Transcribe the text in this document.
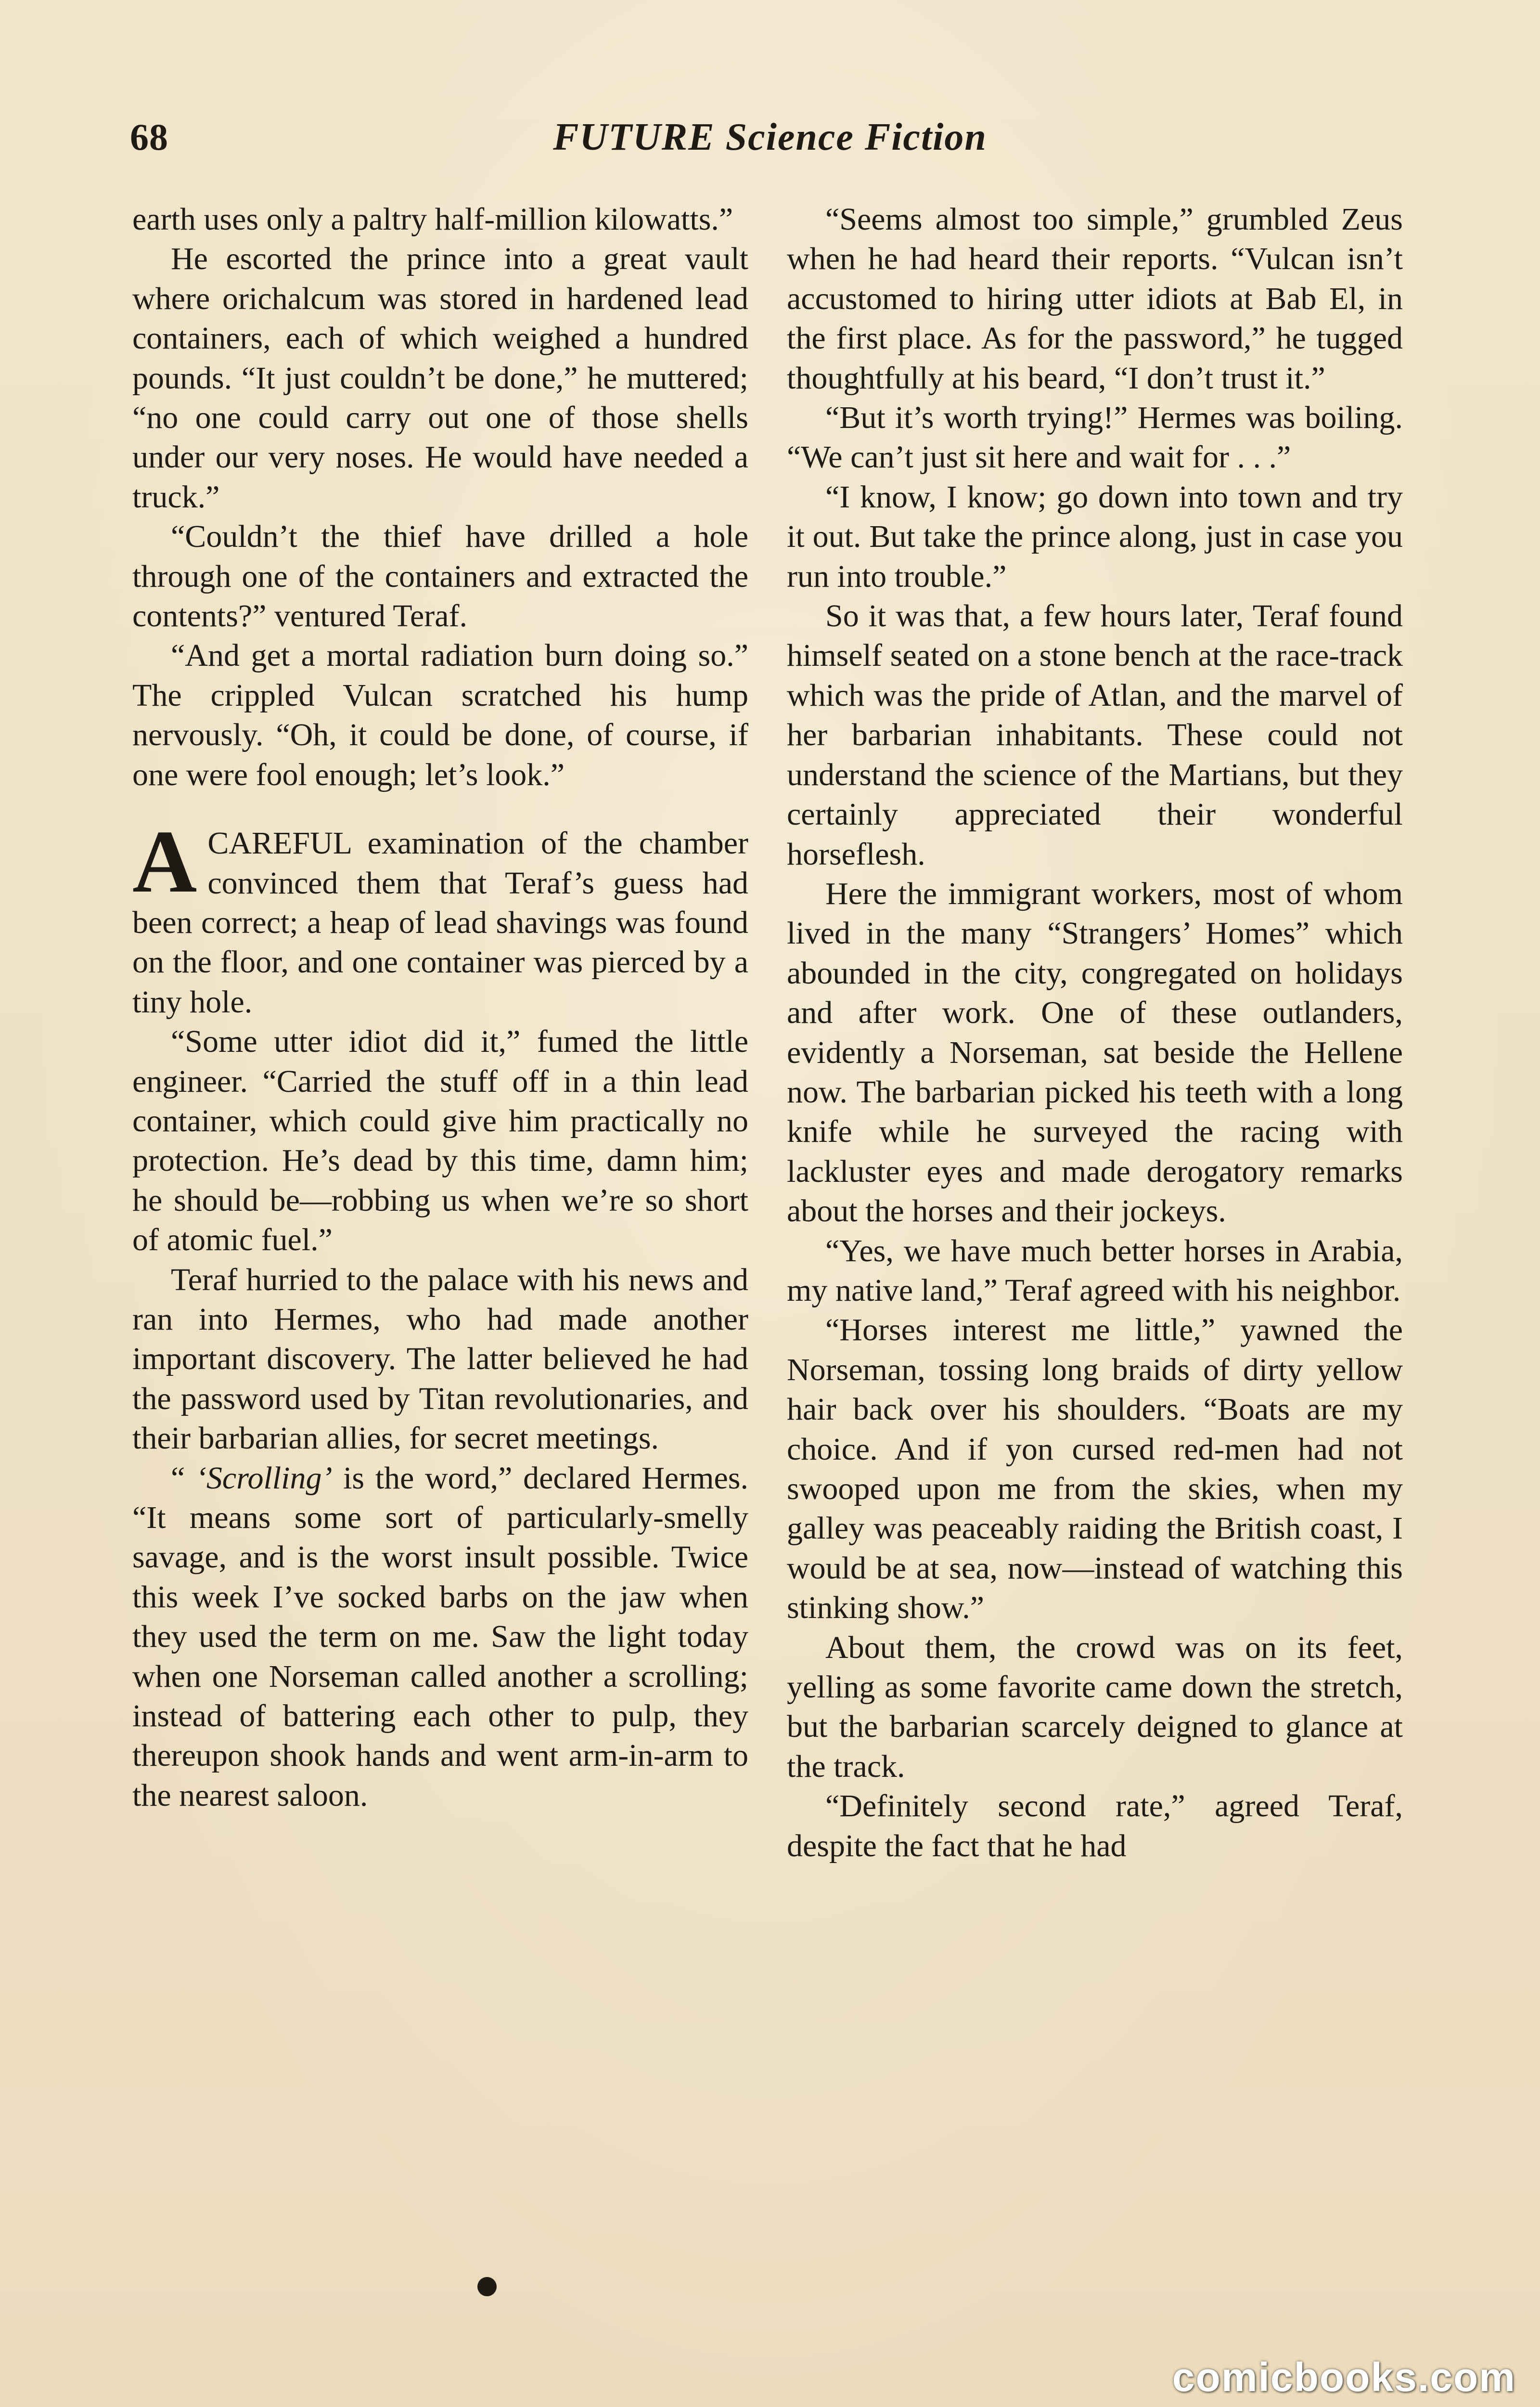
68	FUTURE Science Fiction

earth uses only a paltry half-million kilowatts.”

He escorted the prince into a great vault where orichalcum was stored in hardened lead containers, each of which weighed a hundred pounds. “It just couldn’t be done,” he muttered; “no one could carry out one of those shells under our very noses. He would have needed a truck.”

“Couldn’t the thief have drilled a hole through one of the containers and extracted the contents?” ventured Teraf.

“And get a mortal radiation burn doing so.” The crippled Vulcan scratched his hump nervously. “Oh, it could be done, of course, if one were fool enough; let’s look.”

ACAREFUL examination of the chamber convinced them that Teraf’s guess had been correct; a heap of lead shavings was found on the floor, and one container was pierced by a tiny hole.

“Some utter idiot did it,” fumed the little engineer. “Carried the stuff off in a thin lead container, which could give him practically no protection. He’s dead by this time, damn him; he should be—robbing us when we’re so short of atomic fuel.”

Teraf hurried to the palace with his news and ran into Hermes, who had made another important discovery. The latter believed he had the password used by Titan revolutionaries, and their barbarian allies, for secret meetings.

“ ‘Scrolling’ is the word,” declared Hermes. “It means some sort of particularly-smelly savage, and is the worst insult possible. Twice this week I’ve socked barbs on the jaw when they used the term on me. Saw the light today when one Norseman called another a scrolling; instead of battering each other to pulp, they thereupon shook hands and went arm-in-arm to the nearest saloon.

“Seems almost too simple,” grumbled Zeus when he had heard their reports. “Vulcan isn’t accustomed to hiring utter idiots at Bab El, in the first place. As for the password,” he tugged thoughtfully at his beard, “I don’t trust it.”

“But it’s worth trying!” Hermes was boiling. “We can’t just sit here and wait for . . .”

“I know, I know; go down into town and try it out. But take the prince along, just in case you run into trouble.”

So it was that, a few hours later, Teraf found himself seated on a stone bench at the race-track which was the pride of Atlan, and the marvel of her barbarian inhabitants. These could not understand the science of the Martians, but they certainly appreciated their wonderful horseflesh.

Here the immigrant workers, most of whom lived in the many “Strangers’ Homes” which abounded in the city, congregated on holidays and after work. One of these outlanders, evidently a Norseman, sat beside the Hellene now. The barbarian picked his teeth with a long knife while he surveyed the racing with lackluster eyes and made derogatory remarks about the horses and their jockeys.

“Yes, we have much better horses in Arabia, my native land,” Teraf agreed with his neighbor.

“Horses interest me little,” yawned the Norseman, tossing long braids of dirty yellow hair back over his shoulders. “Boats are my choice. And if yon cursed red-men had not swooped upon me from the skies, when my galley was peaceably raiding the British coast, I would be at sea, now—instead of watching this stinking show.”

About them, the crowd was on its feet, yelling as some favorite came down the stretch, but the barbarian scarcely deigned to glance at the track.

“Definitely second rate,” agreed Teraf, despite the fact that he had

comicbooks.com
